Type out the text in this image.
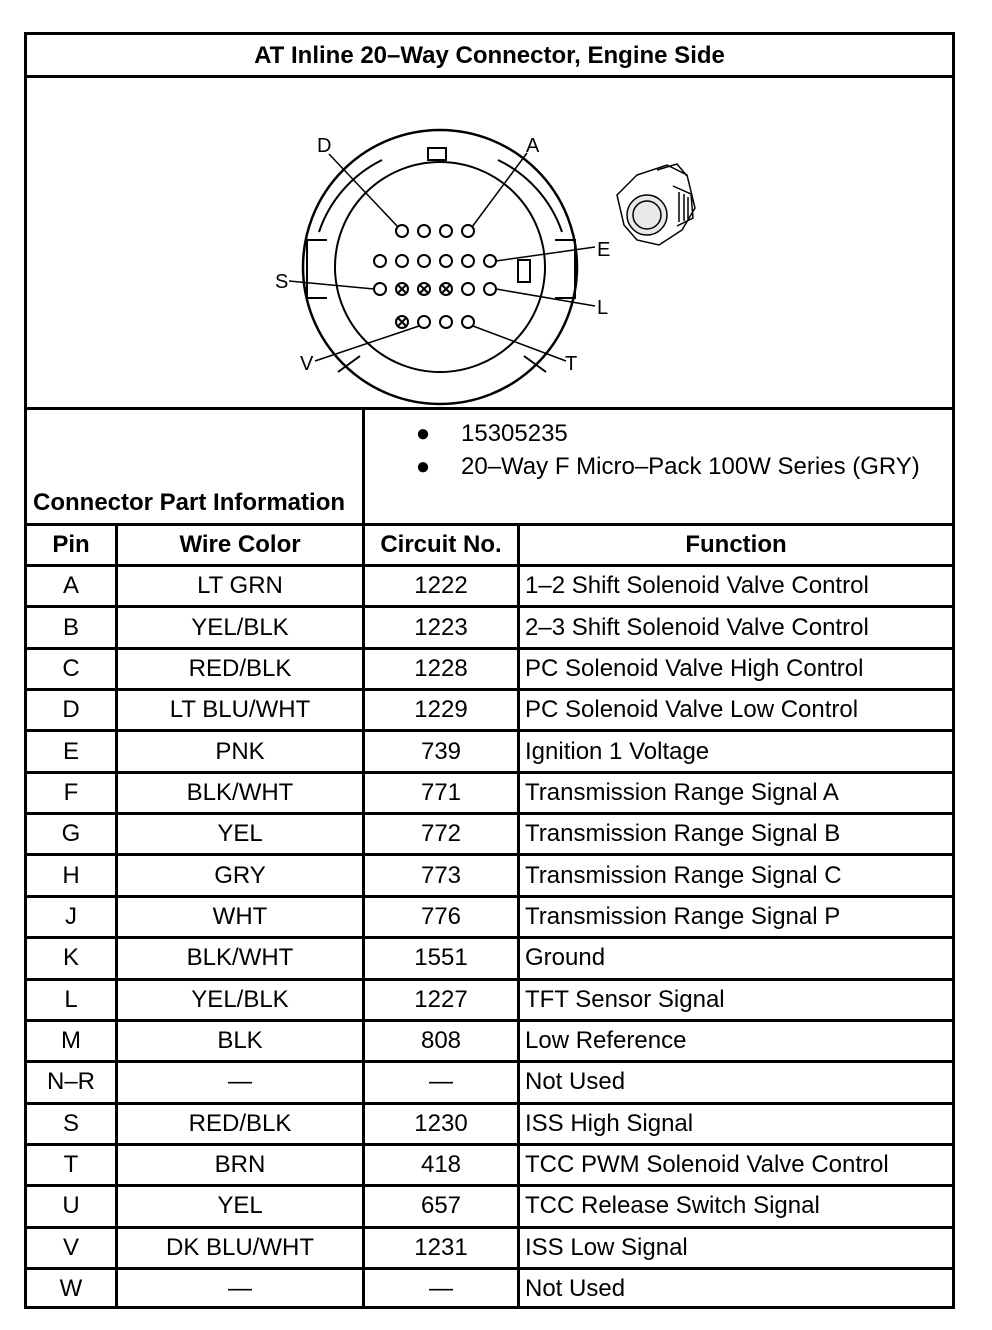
AT Inline 20–Way Connector, Engine Side
D	A
E
S
L
V	T
Connector Part Information
● 15305235
● 20–Way F Micro–Pack 100W Series (GRY)
Pin	Wire Color	Circuit No.	Function
A	LT GRN	1222	1–2 Shift Solenoid Valve Control
B	YEL/BLK	1223	2–3 Shift Solenoid Valve Control
C	RED/BLK	1228	PC Solenoid Valve High Control
D	LT BLU/WHT	1229	PC Solenoid Valve Low Control
E	PNK	739	Ignition 1 Voltage
F	BLK/WHT	771	Transmission Range Signal A
G	YEL	772	Transmission Range Signal B
H	GRY	773	Transmission Range Signal C
J	WHT	776	Transmission Range Signal P
K	BLK/WHT	1551	Ground
L	YEL/BLK	1227	TFT Sensor Signal
M	BLK	808	Low Reference
N–R	—	—	Not Used
S	RED/BLK	1230	ISS High Signal
T	BRN	418	TCC PWM Solenoid Valve Control
U	YEL	657	TCC Release Switch Signal
V	DK BLU/WHT	1231	ISS Low Signal
W	—	—	Not Used
